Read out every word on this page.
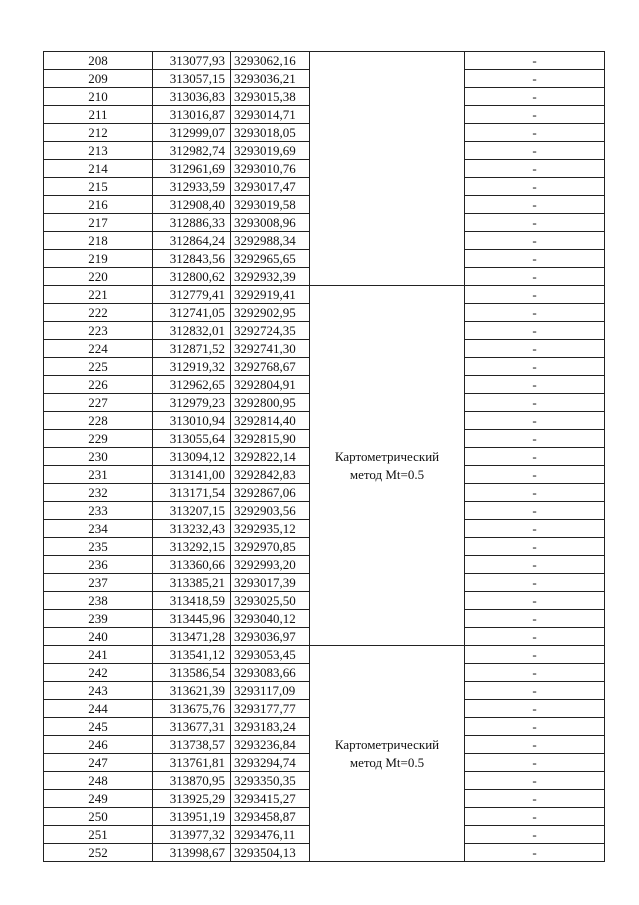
208	313077,93	3293062,16		-
209	313057,15	3293036,21		-
210	313036,83	3293015,38		-
211	313016,87	3293014,71		-
212	312999,07	3293018,05		-
213	312982,74	3293019,69		-
214	312961,69	3293010,76		-
215	312933,59	3293017,47		-
216	312908,40	3293019,58		-
217	312886,33	3293008,96		-
218	312864,24	3292988,34		-
219	312843,56	3292965,65		-
220	312800,62	3292932,39		-
221	312779,41	3292919,41	Картометрический
метод Mt=0.5	-
222	312741,05	3292902,95		-
223	312832,01	3292724,35		-
224	312871,52	3292741,30		-
225	312919,32	3292768,67		-
226	312962,65	3292804,91		-
227	312979,23	3292800,95		-
228	313010,94	3292814,40		-
229	313055,64	3292815,90		-
230	313094,12	3292822,14		-
231	313141,00	3292842,83		-
232	313171,54	3292867,06		-
233	313207,15	3292903,56		-
234	313232,43	3292935,12		-
235	313292,15	3292970,85		-
236	313360,66	3292993,20		-
237	313385,21	3293017,39		-
238	313418,59	3293025,50		-
239	313445,96	3293040,12		-
240	313471,28	3293036,97		-
241	313541,12	3293053,45	Картометрический
метод Mt=0.5	-
242	313586,54	3293083,66		-
243	313621,39	3293117,09		-
244	313675,76	3293177,77		-
245	313677,31	3293183,24		-
246	313738,57	3293236,84		-
247	313761,81	3293294,74		-
248	313870,95	3293350,35		-
249	313925,29	3293415,27		-
250	313951,19	3293458,87		-
251	313977,32	3293476,11		-
252	313998,67	3293504,13		-
